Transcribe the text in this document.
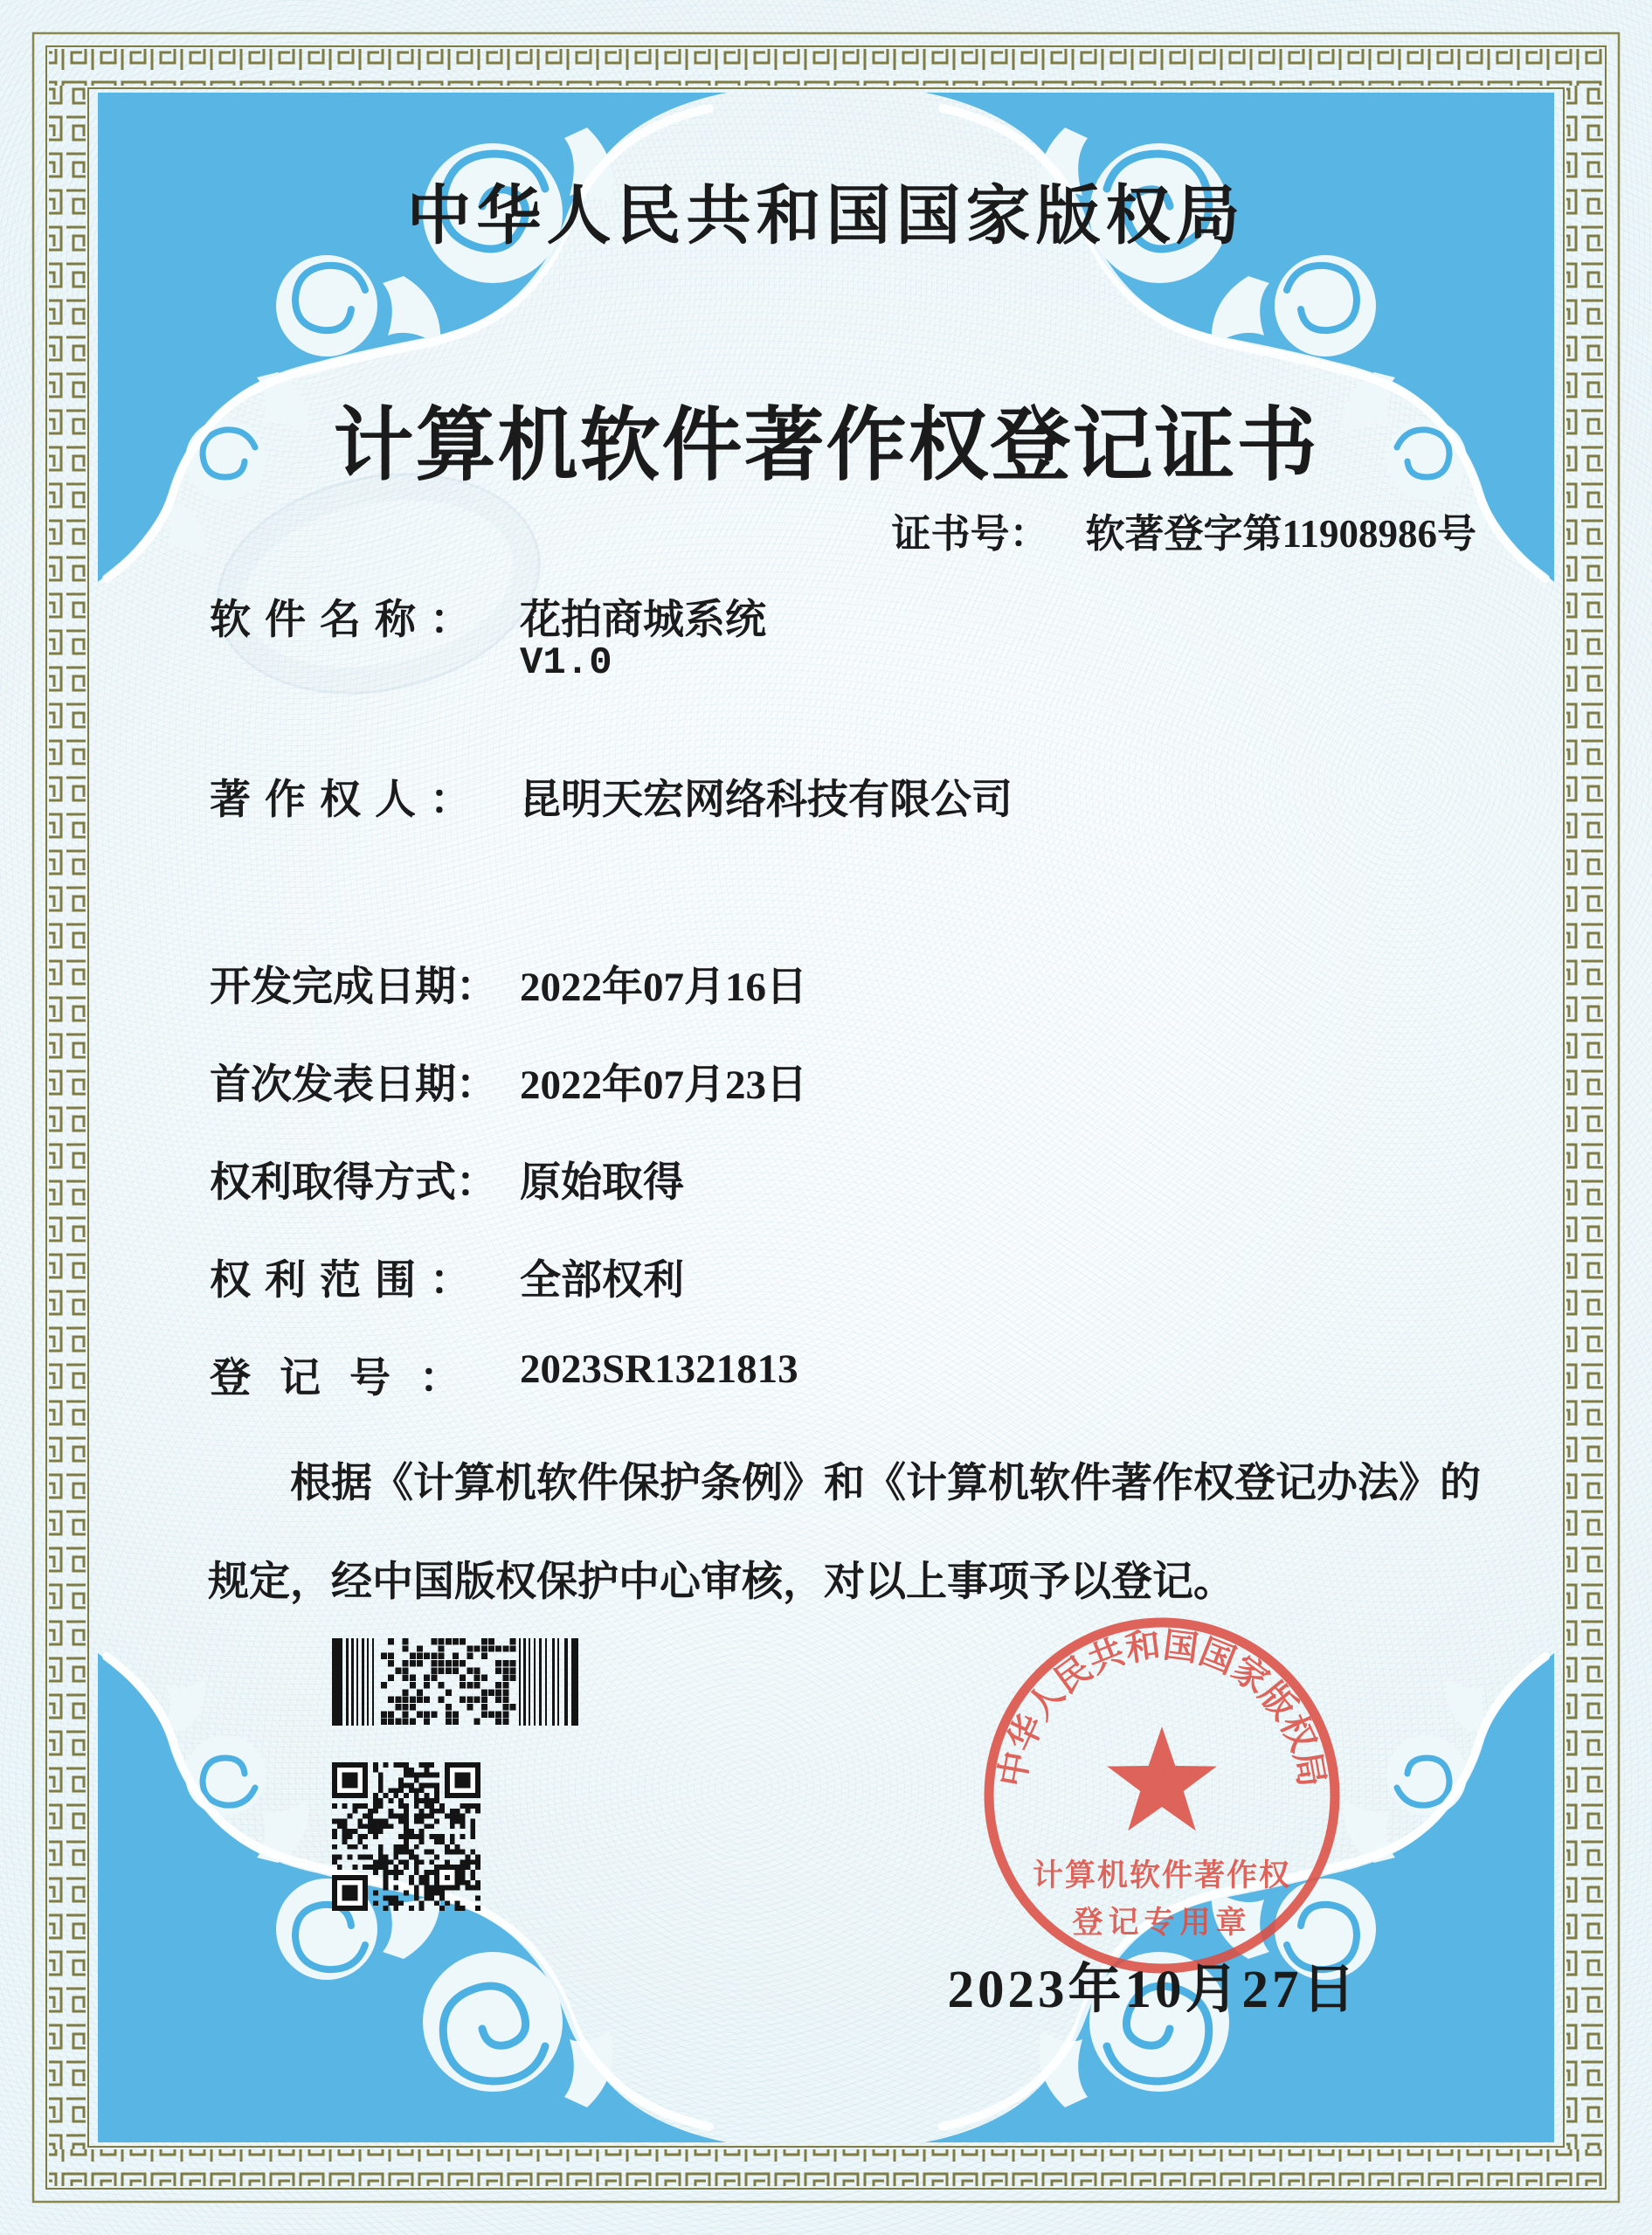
中华人民共和国国家版权局
计算机软件著作权登记证书
证书号： 软著登字第11908986号
软件名称： 花拍商城系统
V1.0
著作权人： 昆明天宏网络科技有限公司
开发完成日期： 2022年07月16日
首次发表日期： 2022年07月23日
权利取得方式： 原始取得
权利范围： 全部权利
登记号： 2023SR1321813
根据《计算机软件保护条例》和《计算机软件著作权登记办法》的
规定，经中国版权保护中心审核，对以上事项予以登记。
中华人民共和国国家版权局
计算机软件著作权
登记专用章
2023年10月27日
